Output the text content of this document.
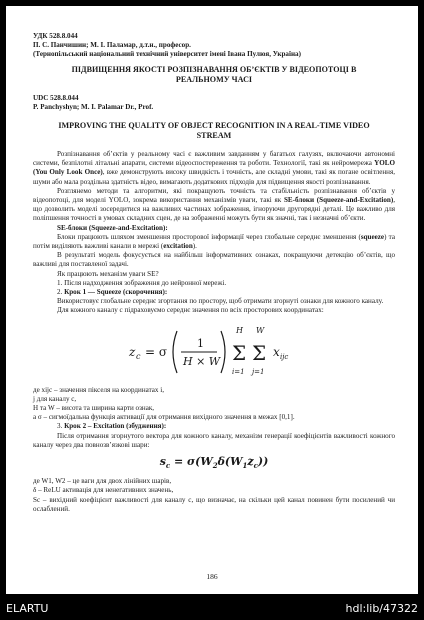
УДК 528.8.044
П. С. Панчишин; М. І. Паламар, д.т.н., професор.
(Тернопільський національний технічний університет імені Івана Пулюя, Україна)
ПІДВИЩЕННЯ ЯКОСТІ РОЗПІЗНАВАННЯ ОБ’ЄКТІВ У ВІДЕОПОТОЦІ В
РЕАЛЬНОМУ ЧАСІ
UDC 528.8.044
P. Panchyshyn; M. I. Palamar Dr., Prof.
IMPROVING THE QUALITY OF OBJECT RECOGNITION IN A REAL-TIME VIDEO
STREAM

Розпізнавання об’єктів у реальному часі є важливим завданням у багатьох галузях, включаючи автономні системи, безпілотні літальні апарати, системи відеоспостереження та роботи. Технології, такі як нейромережа YOLO (You Only Look Once), вже демонструють високу швидкість і точність, але складні умови, такі як погане освітлення, шуми або мала роздільна здатність відео, вимагають додаткових підходів для підвищення якості розпізнавання.

Розглянемо методи та алгоритми, які покращують точність та стабільність розпізнавання об’єктів у відеопотоці, для моделі YOLO, зокрема використання механізмів уваги, такі як SE-блоки (Squeeze-and-Excitation), що дозволить моделі зосередитися на важливих частинах зображення, ігноруючи другорядні деталі. Це важливо для поліпшення точності в умовах складних сцен, де на зображенні можуть бути як значні, так і незначні об’єкти.

SE-блоки (Squeeze-and-Excitation):

Блоки працюють шляхом зменшення просторової інформації через глобальне середнє зменшення (squeeze) та потім виділяють важливі канали в мережі (excitation).

В результаті модель фокусується на найбільш інформативних ознаках, покращуючи детекцію об’єктів, що важливі для поставленої задачі.

Як працюють механізм уваги SE?

1. Після надходження зображення до нейронної мережі.

2. Крок 1 — Squeeze (скорочення):

Використовує глобальне середнє згортання по простору, щоб отримати згорнуті ознаки для кожного каналу.

Для кожного каналу c підраховуємо середнє значення по всіх просторових координатах:

z c = σ
1
H × W
H
Σ
i=1
W
Σ
j=1
x ijc

де xijc – значення пікселя на координатах i,

j для каналу c,

H та W – висота та ширина карти ознак,

а σ – сигмоїдальна функція активації для отримання вихідного значення в межах [0,1].

3. Крок 2 – Excitation (збудження):

Після отримання згорнутого вектора для кожного каналу, механізм генерації коефіцієнтів важливості кожного каналу через два повнозв’язкові шари:

$s_c = \sigma(W_2\delta(W_1z_c))$

де W1, W2 – це ваги для двох лінійних шарів,

δ – ReLU активація для ненегативних значень,

Sc – вихідний коефіцієнт важливості для каналу c, що визначає, на скільки цей канал повинен бути посилений чи ослаблений.

186
ELARTU	hdl:lib/47322
